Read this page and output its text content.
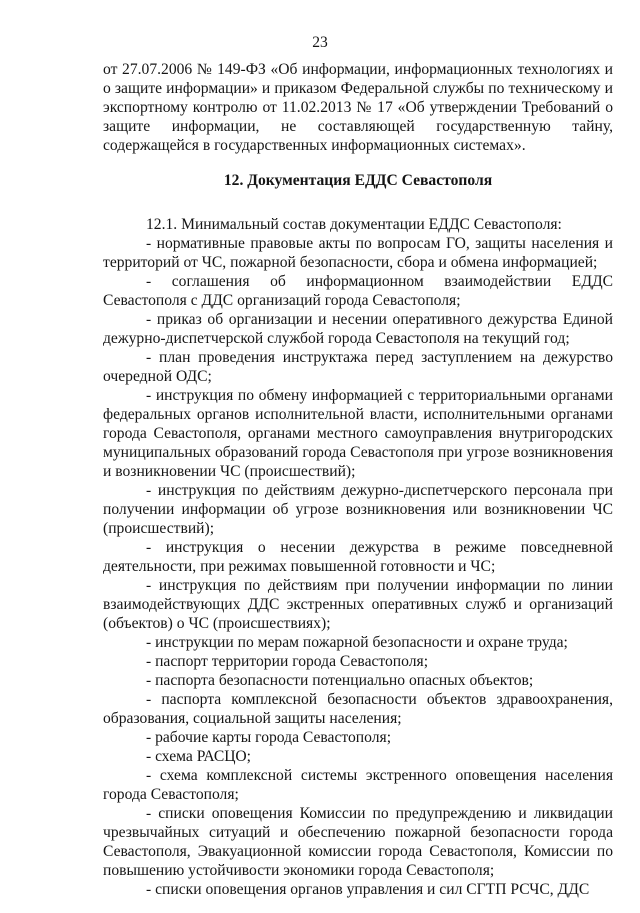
23

от 27.07.2006 № 149-ФЗ «Об информации, информационных технологиях и о защите информации» и приказом Федеральной службы по техническому и экспортному контролю от 11.02.2013 № 17 «Об утверждении Требований о защите информации, не составляющей государственную тайну, содержащейся в государственных информационных системах».

12. Документация ЕДДС Севастополя

12.1. Минимальный состав документации ЕДДС Севастополя:

- нормативные правовые акты по вопросам ГО, защиты населения и территорий от ЧС, пожарной безопасности, сбора и обмена информацией;

- соглашения об информационном взаимодействии ЕДДС Севастополя с ДДС организаций города Севастополя;

- приказ об организации и несении оперативного дежурства Единой дежурно-диспетчерской службой города Севастополя на текущий год;

- план проведения инструктажа перед заступлением на дежурство очередной ОДС;

- инструкция по обмену информацией с территориальными органами федеральных органов исполнительной власти, исполнительными органами города Севастополя, органами местного самоуправления внутригородских муниципальных образований города Севастополя при угрозе возникновения и возникновении ЧС (происшествий);

- инструкция по действиям дежурно-диспетчерского персонала при получении информации об угрозе возникновения или возникновении ЧС (происшествий);

- инструкция о несении дежурства в режиме повседневной деятельности, при режимах повышенной готовности и ЧС;

- инструкция по действиям при получении информации по линии взаимодействующих ДДС экстренных оперативных служб и организаций (объектов) о ЧС (происшествиях);

- инструкции по мерам пожарной безопасности и охране труда;

- паспорт территории города Севастополя;

- паспорта безопасности потенциально опасных объектов;

- паспорта комплексной безопасности объектов здравоохранения, образования, социальной защиты населения;

- рабочие карты города Севастополя;

- схема РАСЦО;

- схема комплексной системы экстренного оповещения населения города Севастополя;

- списки оповещения Комиссии по предупреждению и ликвидации чрезвычайных ситуаций и обеспечению пожарной безопасности города Севастополя, Эвакуационной комиссии города Севастополя, Комиссии по повышению устойчивости экономики города Севастополя;

- списки оповещения органов управления и сил СГТП РСЧС, ДДС
